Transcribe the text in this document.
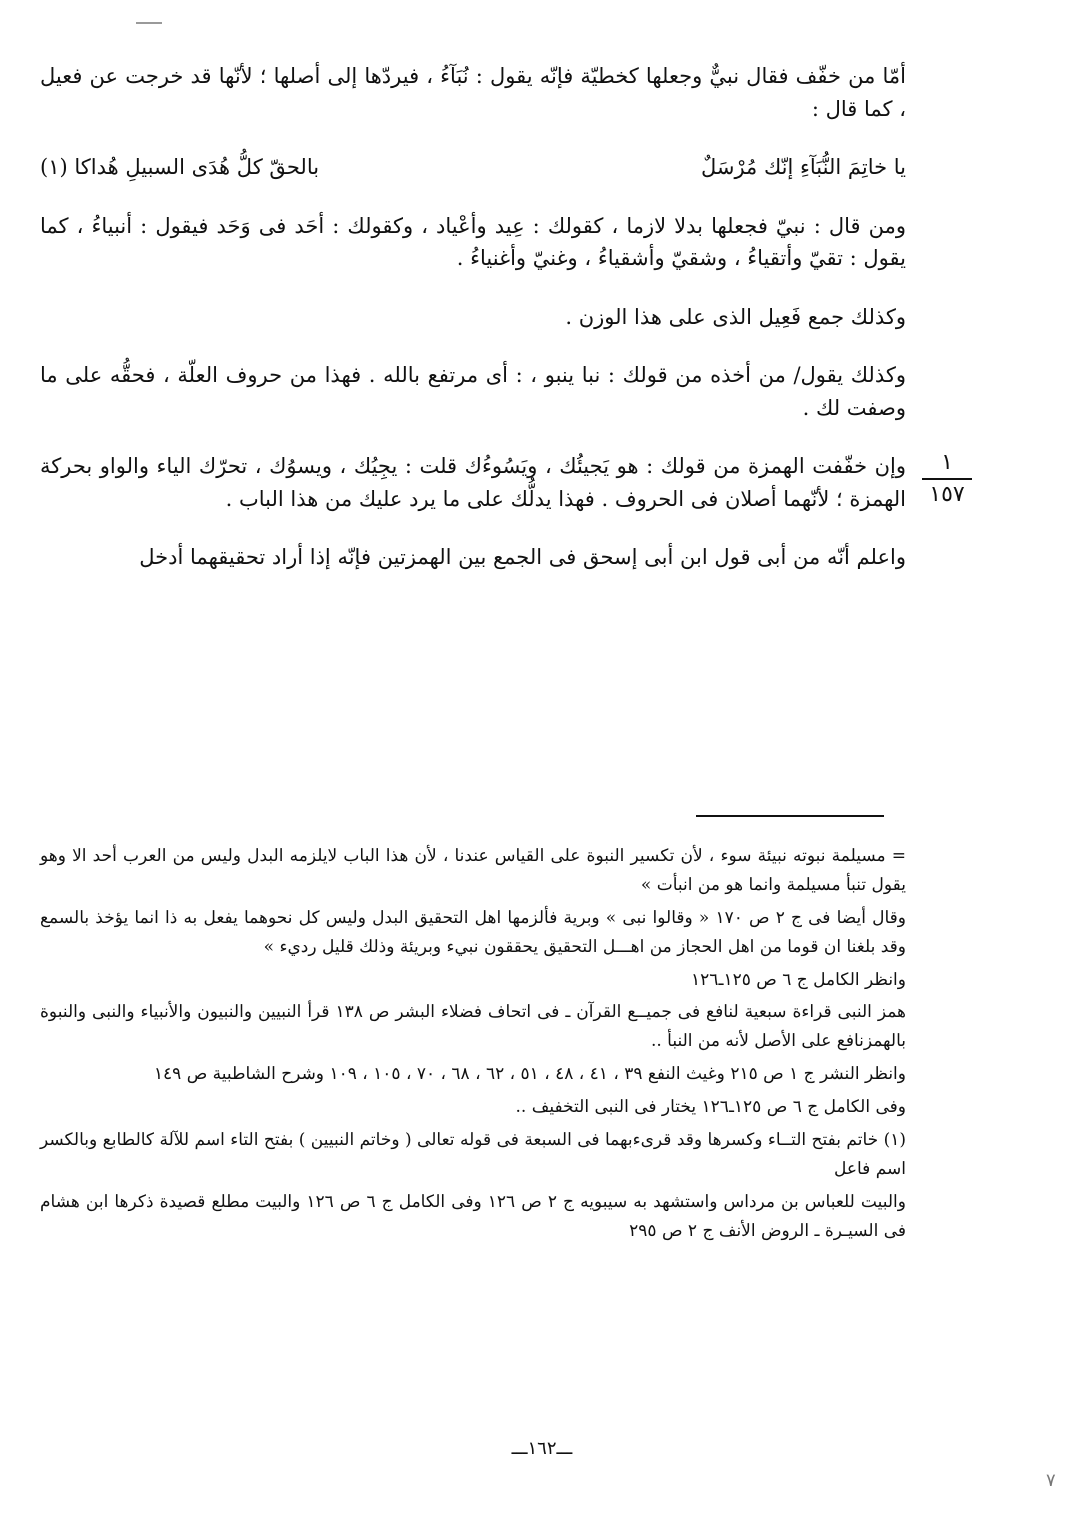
أمّا من خفّف فقال نبيٌّ وجعلها كخطيّة فإنّه يقول : نُبَآءُ ، فيردّها إلى أصلها ؛ لأنّها قد خرجت عن فعيل ، كما قال :

يا خاتِمَ النُّبَآءِ إنّك مُرْسَلٌ
بالحقّ كلُّ هُدَى السبيلِ هُداكا (١)

ومن قال : نبيّ فجعلها بدلا لازما ، كقولك : عِيد وأعْياد ، وكقولك : أحَد فى وَحَد فيقول : أنبياءُ ، كما يقول : تقيّ وأتقياءُ ، وشقيّ وأشقياءُ ، وغنيّ وأغنياءُ .

وكذلك جمع فَعِيل الذى على هذا الوزن .

وكذلك يقول/ من أخذه من قولك : نبا ينبو ، : أى مرتفع بالله . فهذا من حروف العلّة ، فحقُّه على ما وصفت لك .

وإن خفّفت الهمزة من قولك : هو يَجيئُك ، ويَسُوءُك قلت : يجِيُك ، ويسوُك ، تحرّك الياء والواو بحركة الهمزة ؛ لأنّهما أصلان فى الحروف . فهذا يدلُّك على ما يرد عليك من هذا الباب .

واعلم أنّه من أبى قول ابن أبى إسحق فى الجمع بين الهمزتين فإنّه إذا أراد تحقيقهما أدخل

١
١٥٧

= مسيلمة نبوته نبيئة سوء ، لأن تكسير النبوة على القياس عندنا ، لأن هذا الباب لايلزمه البدل وليس من العرب أحد الا وهو يقول تنبأ مسيلمة وانما هو من انبأت »

وقال أيضا فى ج ٢ ص ١٧٠ « وقالوا نبى » وبرية فألزمها اهل التحقيق البدل وليس كل نحوهما يفعل به ذا انما يؤخذ بالسمع وقد بلغنا ان قوما من اهل الحجاز من اهـــل التحقيق يحققون نبيء وبريئة وذلك قليل رديء »

وانظر الكامل ج ٦ ص ١٢٥ـ١٢٦

همز النبى قراءة سبعية لنافع فى جميــع القرآن ـ فى اتحاف فضلاء البشر ص ١٣٨ قرأ النبيين والنبيون والأنبياء والنبى والنبوة بالهمزنافع على الأصل لأنه من النبأ ..

وانظر النشر ج ١ ص ٢١٥ وغيث النفع ٣٩ ، ٤١ ، ٤٨ ، ٥١ ، ٦٢ ، ٦٨ ، ٧٠ ، ١٠٥ ، ١٠٩ وشرح الشاطبية ص ١٤٩

وفى الكامل ج ٦ ص ١٢٥ـ١٢٦ يختار فى النبى التخفيف ..

(١) خاتم بفتح التــاء وكسرها وقد قرىءبهما فى السبعة فى قوله تعالى ( وخاتم النبيين ) بفتح التاء اسم للآلة كالطابع وبالكسر اسم فاعل

والبيت للعباس بن مرداس واستشهد به سيبويه ج ٢ ص ١٢٦ وفى الكامل ج ٦ ص ١٢٦ والبيت مطلع قصيدة ذكرها ابن هشام فى السيـرة ـ الروض الأنف ج ٢ ص ٢٩٥

ـــ١٦٢ـــ
٧
